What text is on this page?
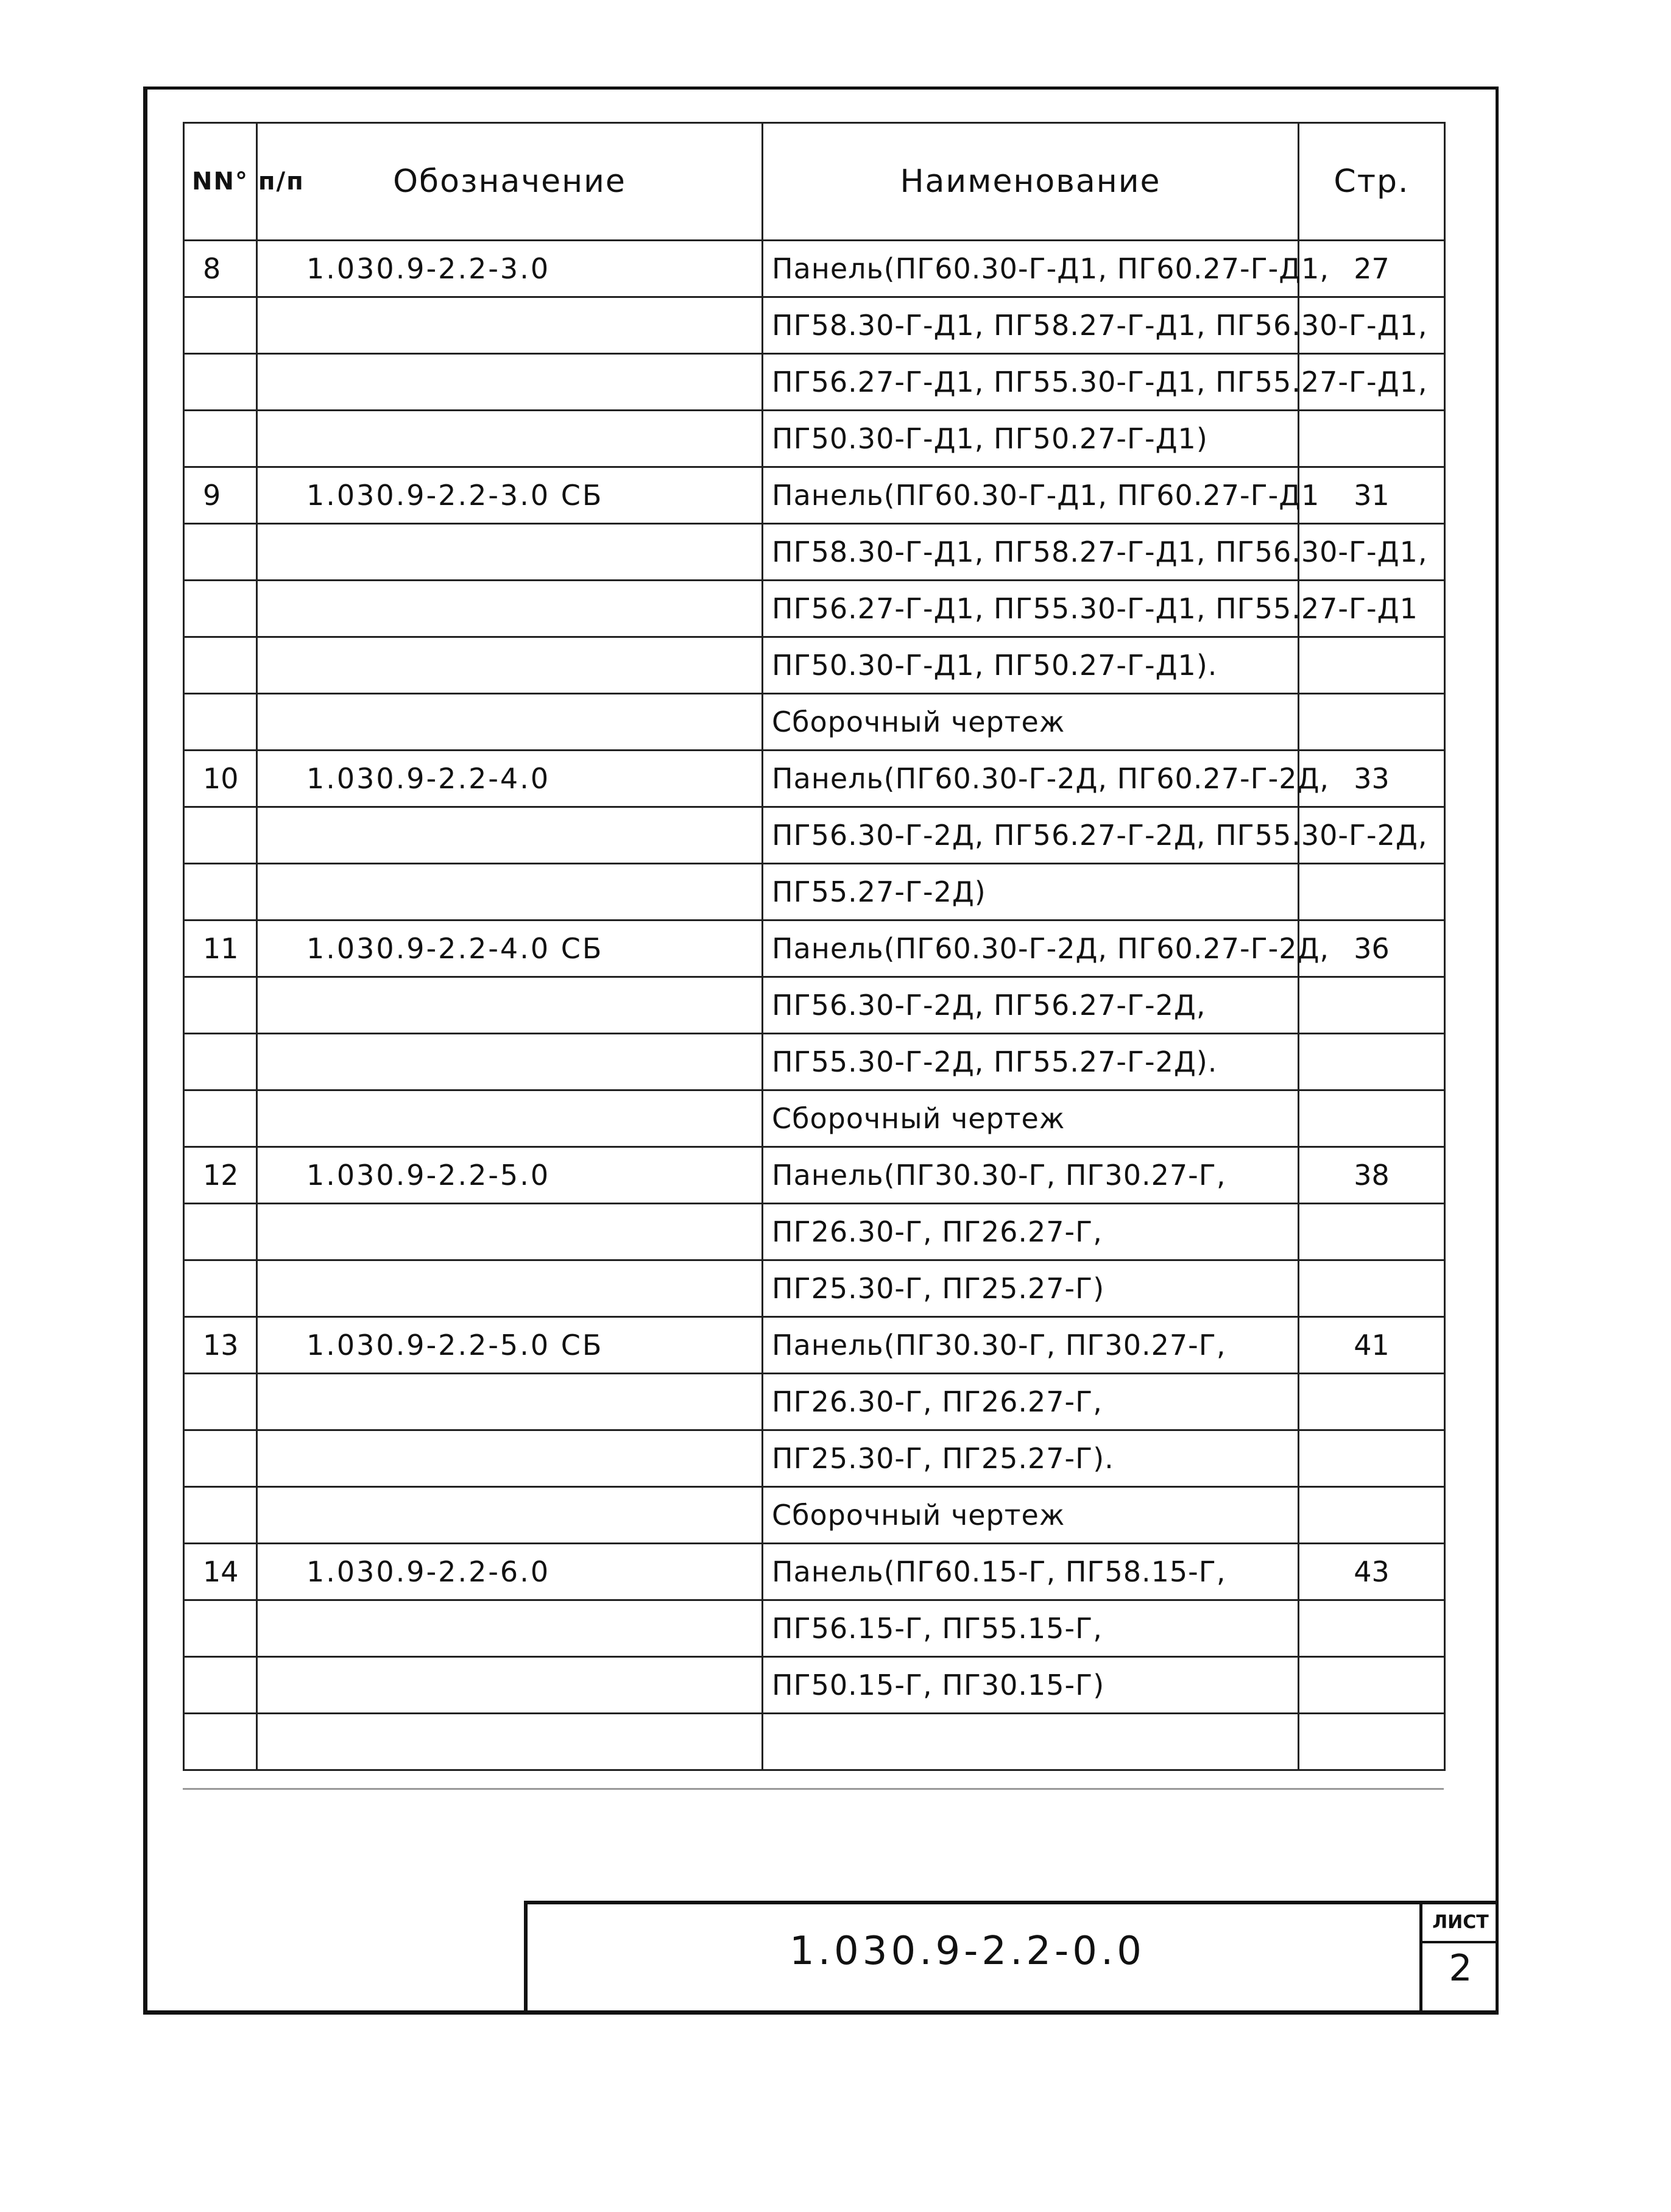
NN° п/п	Обозначение	Наименование	Стр.
8	1.030.9-2.2-3.0	Панель(ПГ60.30-Г-Д1, ПГ60.27-Г-Д1,	27
		ПГ58.30-Г-Д1, ПГ58.27-Г-Д1, ПГ56.30-Г-Д1,	
		ПГ56.27-Г-Д1, ПГ55.30-Г-Д1, ПГ55.27-Г-Д1,	
		ПГ50.30-Г-Д1, ПГ50.27-Г-Д1)	
9	1.030.9-2.2-3.0 СБ	Панель(ПГ60.30-Г-Д1, ПГ60.27-Г-Д1	31
		ПГ58.30-Г-Д1, ПГ58.27-Г-Д1, ПГ56.30-Г-Д1,	
		ПГ56.27-Г-Д1, ПГ55.30-Г-Д1, ПГ55.27-Г-Д1	
		ПГ50.30-Г-Д1, ПГ50.27-Г-Д1).	
		Сборочный чертеж	
10	1.030.9-2.2-4.0	Панель(ПГ60.30-Г-2Д, ПГ60.27-Г-2Д,	33
		ПГ56.30-Г-2Д, ПГ56.27-Г-2Д, ПГ55.30-Г-2Д,	
		ПГ55.27-Г-2Д)	
11	1.030.9-2.2-4.0 СБ	Панель(ПГ60.30-Г-2Д, ПГ60.27-Г-2Д,	36
		ПГ56.30-Г-2Д, ПГ56.27-Г-2Д,	
		ПГ55.30-Г-2Д, ПГ55.27-Г-2Д).	
		Сборочный чертеж	
12	1.030.9-2.2-5.0	Панель(ПГ30.30-Г, ПГ30.27-Г,	38
		ПГ26.30-Г, ПГ26.27-Г,	
		ПГ25.30-Г, ПГ25.27-Г)	
13	1.030.9-2.2-5.0 СБ	Панель(ПГ30.30-Г, ПГ30.27-Г,	41
		ПГ26.30-Г, ПГ26.27-Г,	
		ПГ25.30-Г, ПГ25.27-Г).	
		Сборочный чертеж	
14	1.030.9-2.2-6.0	Панель(ПГ60.15-Г, ПГ58.15-Г,	43
		ПГ56.15-Г, ПГ55.15-Г,	
		ПГ50.15-Г, ПГ30.15-Г)	

1.030.9-2.2-0.0
ЛИСТ
2
